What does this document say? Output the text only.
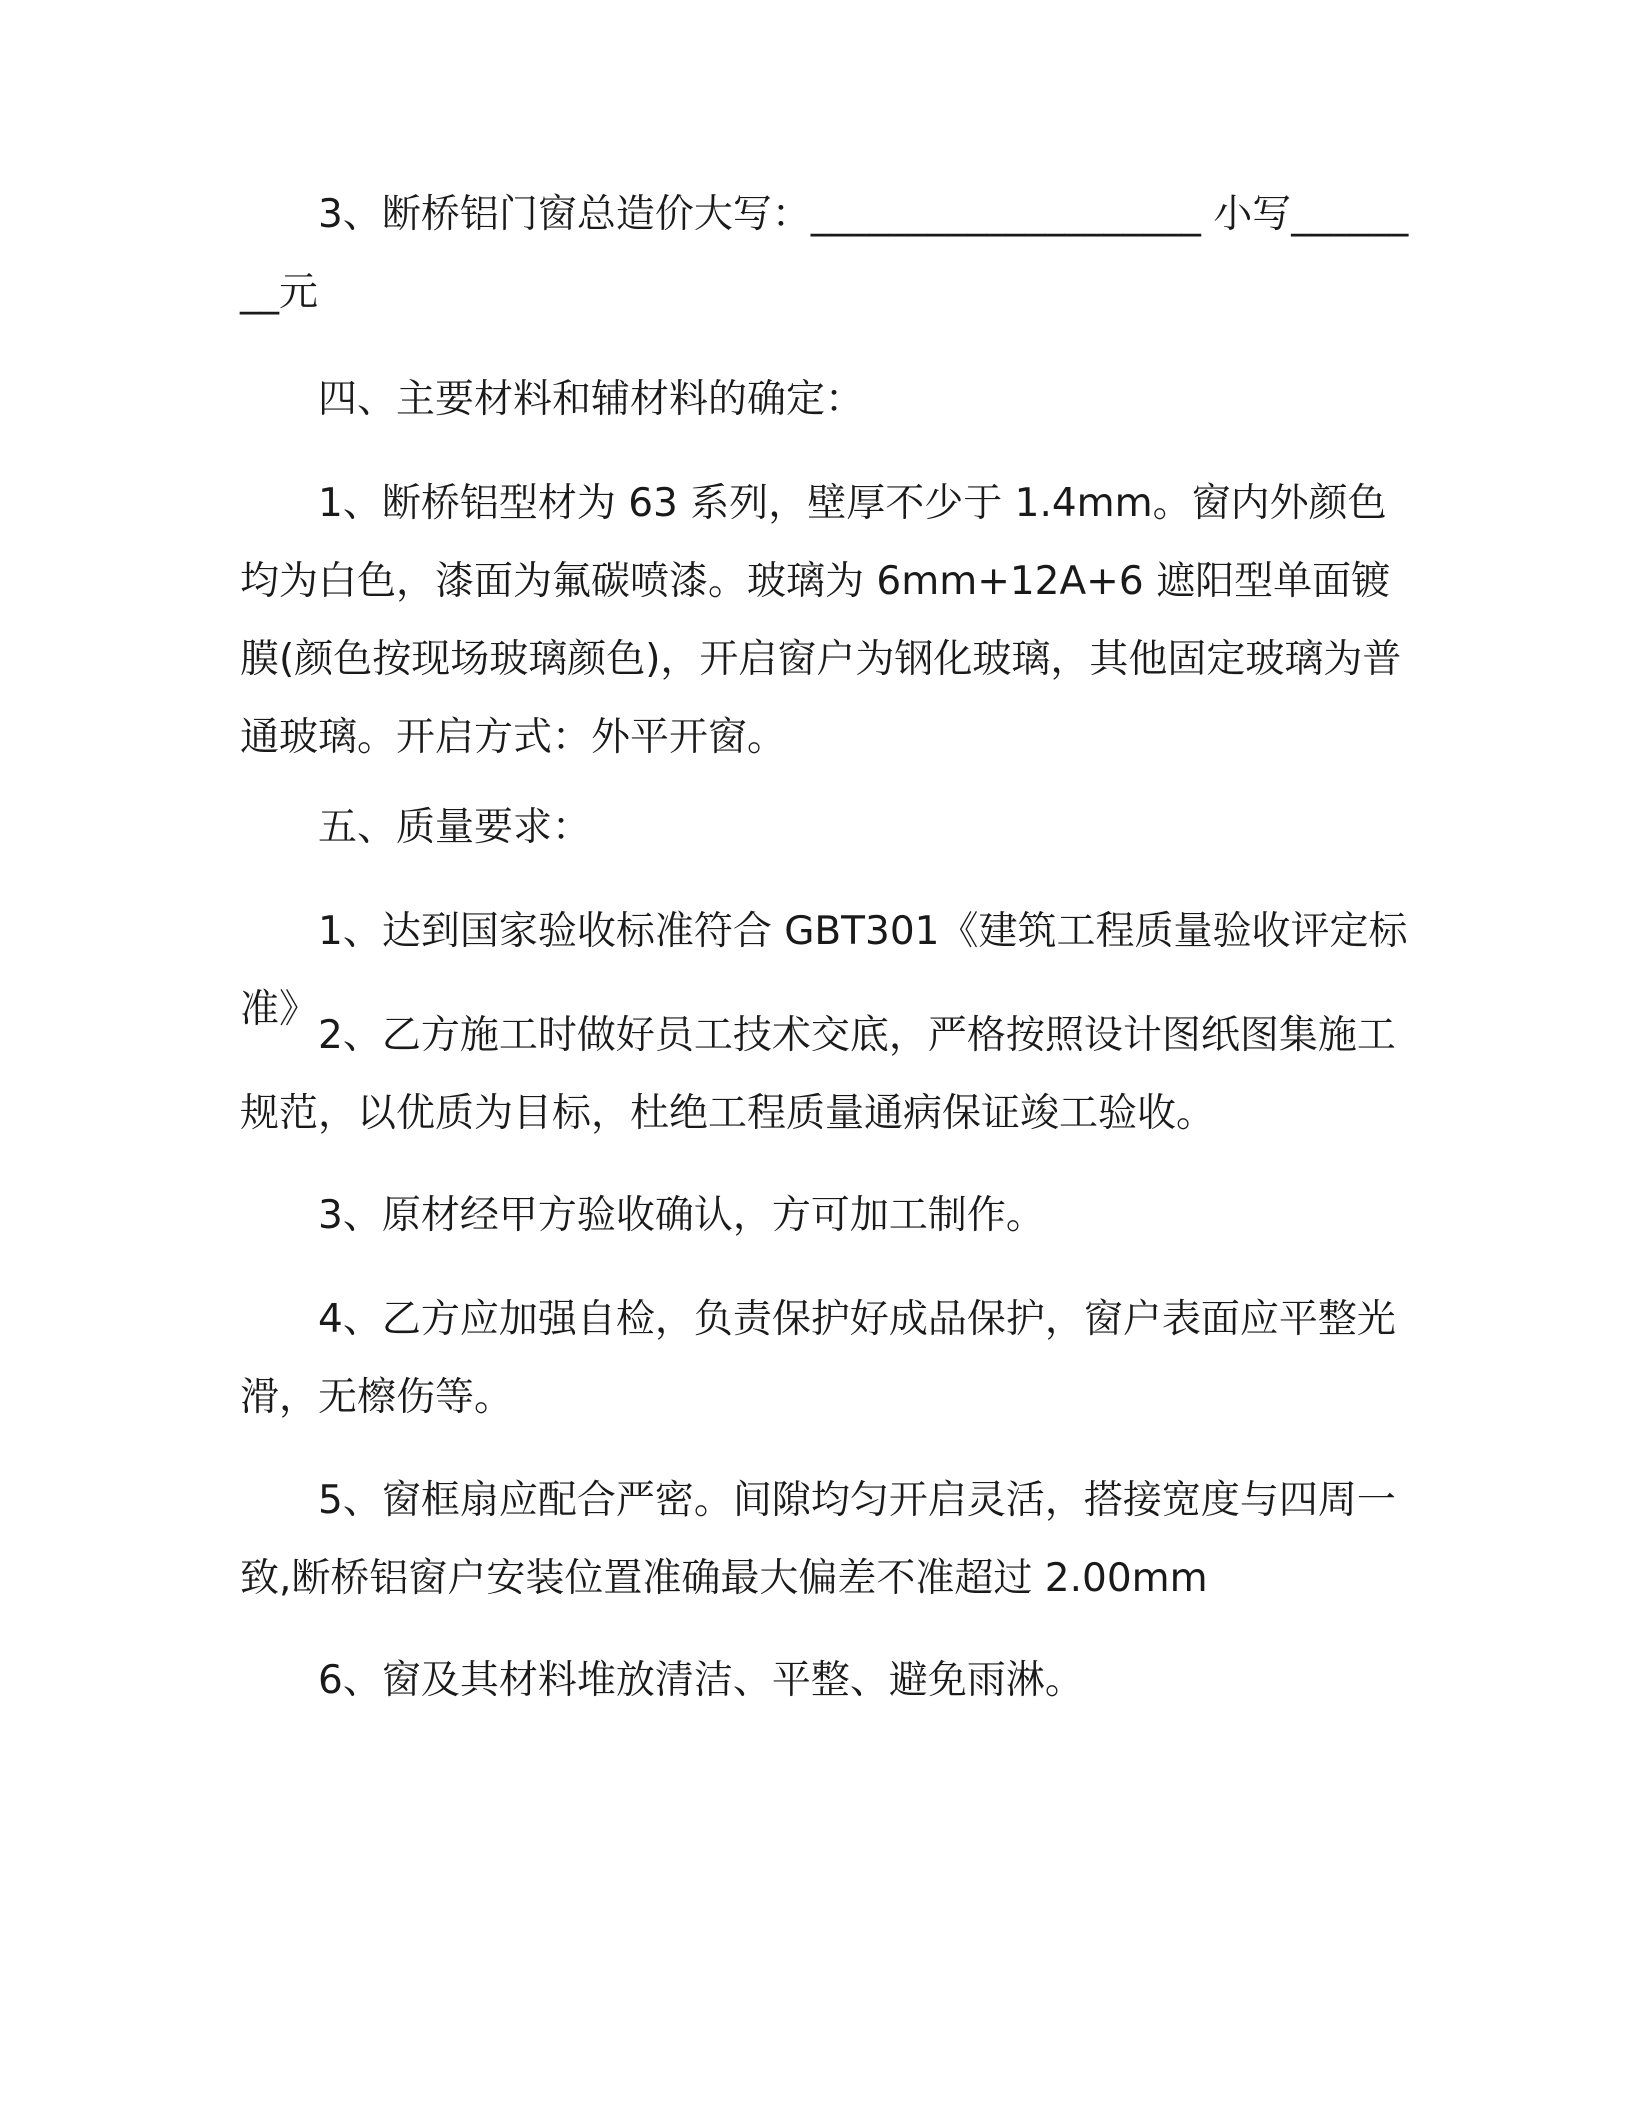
3、断桥铝门窗总造价大写：____________________ 小写________元

四、主要材料和辅材料的确定：

1、断桥铝型材为 63 系列，壁厚不少于 1.4mm。窗内外颜色均为白色，漆面为氟碳喷漆。玻璃为 6mm+12A+6 遮阳型单面镀膜(颜色按现场玻璃颜色)，开启窗户为钢化玻璃，其他固定玻璃为普通玻璃。开启方式：外平开窗。

五、质量要求：

1、达到国家验收标准符合 GBT301《建筑工程质量验收评定标准》

2、乙方施工时做好员工技术交底，严格按照设计图纸图集施工规范，以优质为目标，杜绝工程质量通病保证竣工验收。

3、原材经甲方验收确认，方可加工制作。

4、乙方应加强自检，负责保护好成品保护，窗户表面应平整光滑，无檫伤等。

5、窗框扇应配合严密。间隙均匀开启灵活，搭接宽度与四周一致,断桥铝窗户安装位置准确最大偏差不准超过 2.00mm

6、窗及其材料堆放清洁、平整、避免雨淋。
